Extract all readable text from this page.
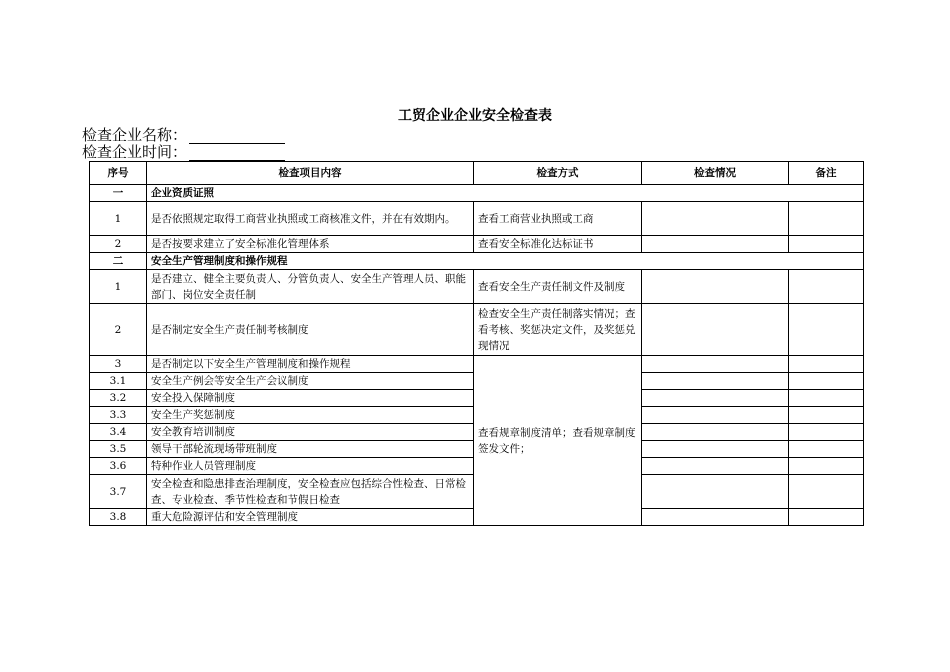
工贸企业企业安全检查表
检查企业名称：
检查企业时间：
序号	检查项目内容	检查方式	检查情况	备注
一	企业资质证照			
1	是否依照规定取得工商营业执照或工商核准文件，并在有效期内。	查看工商营业执照或工商		
2	是否按要求建立了安全标准化管理体系	查看安全标准化达标证书		
二	安全生产管理制度和操作规程			
1	是否建立、健全主要负责人、分管负责人、安全生产管理人员、职能部门、岗位安全责任制	查看安全生产责任制文件及制度		
2	是否制定安全生产责任制考核制度	检查安全生产责任制落实情况；查看考核、奖惩决定文件，及奖惩兑现情况		
3	是否制定以下安全生产管理制度和操作规程	查看规章制度清单；查看规章制度签发文件；		
3.1	安全生产例会等安全生产会议制度			
3.2	安全投入保障制度			
3.3	安全生产奖惩制度			
3.4	安全教育培训制度			
3.5	领导干部轮流现场带班制度			
3.6	特种作业人员管理制度			
3.7	安全检查和隐患排查治理制度，安全检查应包括综合性检查、日常检查、专业检查、季节性检查和节假日检查			
3.8	重大危险源评估和安全管理制度			
